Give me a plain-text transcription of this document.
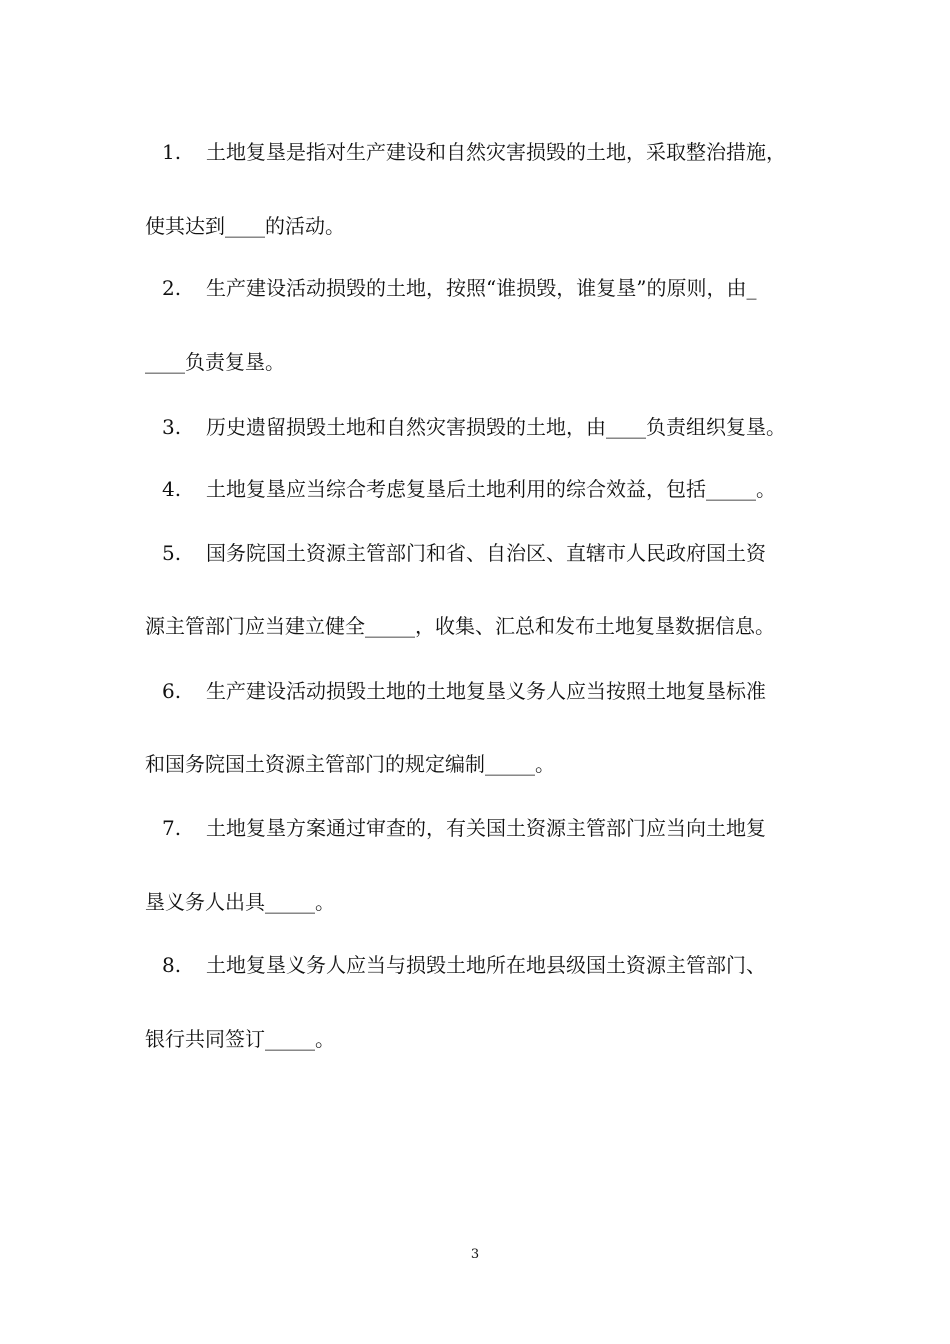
1. 土地复垦是指对生产建设和自然灾害损毁的土地，采取整治措施，
使其达到____的活动。
2. 生产建设活动损毁的土地，按照“谁损毁，谁复垦”的原则，由_
____负责复垦。
3. 历史遗留损毁土地和自然灾害损毁的土地，由____负责组织复垦。
4. 土地复垦应当综合考虑复垦后土地利用的综合效益，包括_____。
5. 国务院国土资源主管部门和省、自治区、直辖市人民政府国土资
源主管部门应当建立健全_____，收集、汇总和发布土地复垦数据信息。
6. 生产建设活动损毁土地的土地复垦义务人应当按照土地复垦标准
和国务院国土资源主管部门的规定编制_____。
7. 土地复垦方案通过审查的，有关国土资源主管部门应当向土地复
垦义务人出具_____。
8. 土地复垦义务人应当与损毁土地所在地县级国土资源主管部门、
银行共同签订_____。
3
